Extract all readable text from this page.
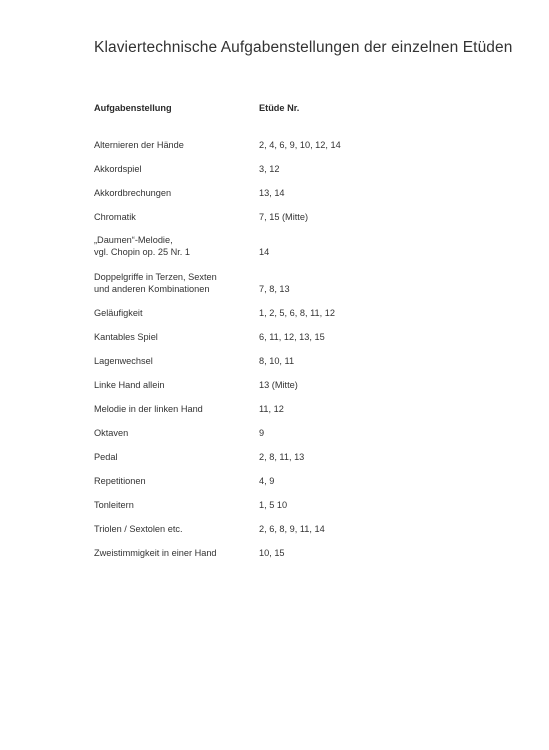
Klaviertechnische Aufgabenstellungen der einzelnen Etüden
Aufgabenstellung	Etüde Nr.
Alternieren der Hände	2, 4, 6, 9, 10, 12, 14
Akkordspiel	3, 12
Akkordbrechungen	13, 14
Chromatik	7, 15 (Mitte)
„Daumen“-Melodie,
vgl. Chopin op. 25 Nr. 1	14
Doppelgriffe in Terzen, Sexten
und anderen Kombinationen	7, 8, 13
Geläufigkeit	1, 2, 5, 6, 8, 11, 12
Kantables Spiel	6, 11, 12, 13, 15
Lagenwechsel	8, 10, 11
Linke Hand allein	13 (Mitte)
Melodie in der linken Hand	11, 12
Oktaven	9
Pedal	2, 8, 11, 13
Repetitionen	4, 9
Tonleitern	1, 5 10
Triolen / Sextolen etc.	2, 6, 8, 9, 11, 14
Zweistimmigkeit in einer Hand	10, 15
